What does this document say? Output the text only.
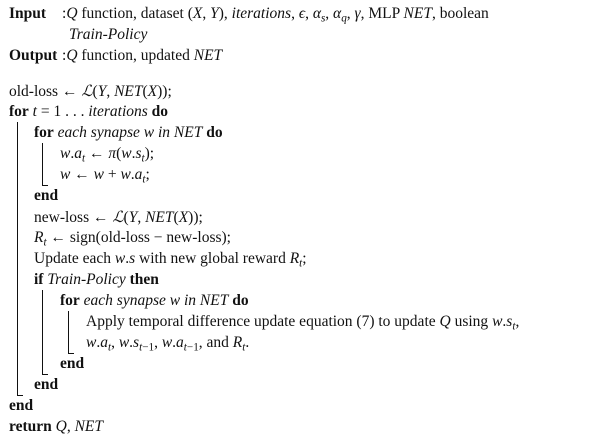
Input :Q function, dataset (X, Y), iterations, ϵ, $\alpha_s$, $\alpha_q$, γ, MLP NET, boolean
Train-Policy
Output :Q function, updated NET
old-loss ← ℒ(Y, NET(X));
for t = 1 . . . iterations do
for each synapse w in NET do
$w.a_t$ ← $\pi(w.s_t)$;
w ← $w + w.a_t$;
end
new-loss ← ℒ(Y, NET(X));
$R_t$ ← sign(old-loss − new-loss);
Update each w.s with new global reward $R_t$;
if Train-Policy then
for each synapse w in NET do
Apply temporal difference update equation (7) to update Q using $w.s_t$,
$w.a_t$, $w.s_{t-1}$, $w.a_{t-1}$, and $R_t$.
end
end
end
return Q, NET
